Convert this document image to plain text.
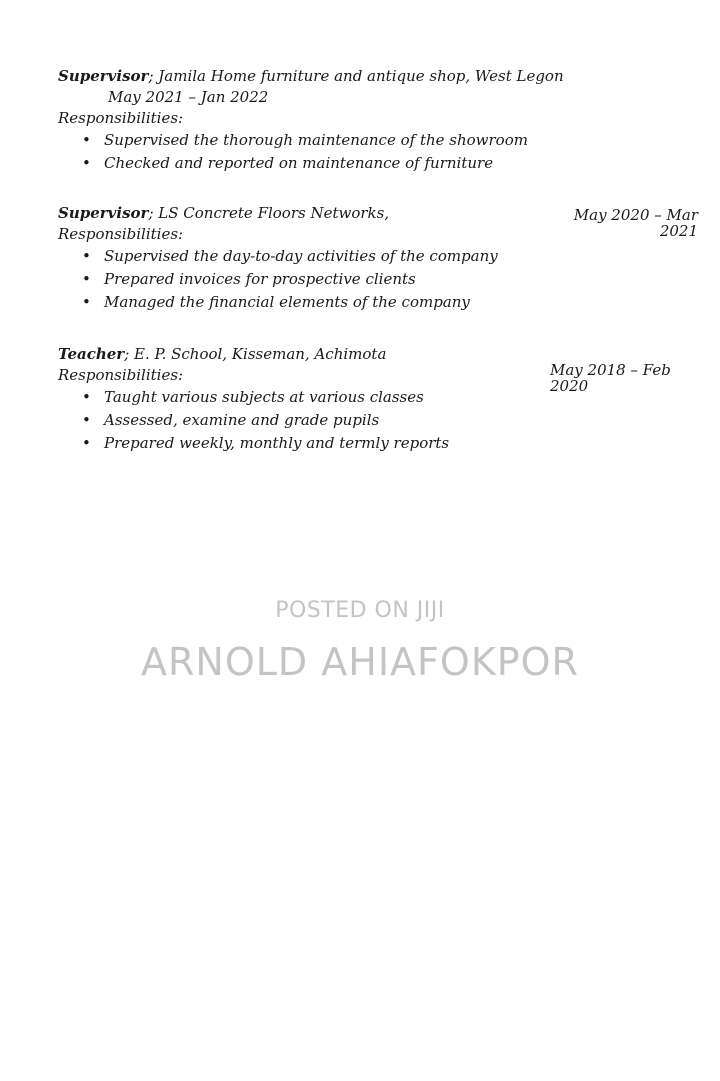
Supervisor; Jamila Home furniture and antique shop, West Legon
May 2021 – Jan 2022
Responsibilities:
• Supervised the thorough maintenance of the showroom
• Checked and reported on maintenance of furniture
Supervisor; LS Concrete Floors Networks,
Responsibilities:
• Supervised the day-to-day activities of the company
• Prepared invoices for prospective clients
• Managed the financial elements of the company
May 2020 – Mar
2021
Teacher; E. P. School, Kisseman, Achimota
Responsibilities:
• Taught various subjects at various classes
• Assessed, examine and grade pupils
• Prepared weekly, monthly and termly reports
May 2018 – Feb
2020
POSTED ON JIJI
ARNOLD AHIAFOKPOR
